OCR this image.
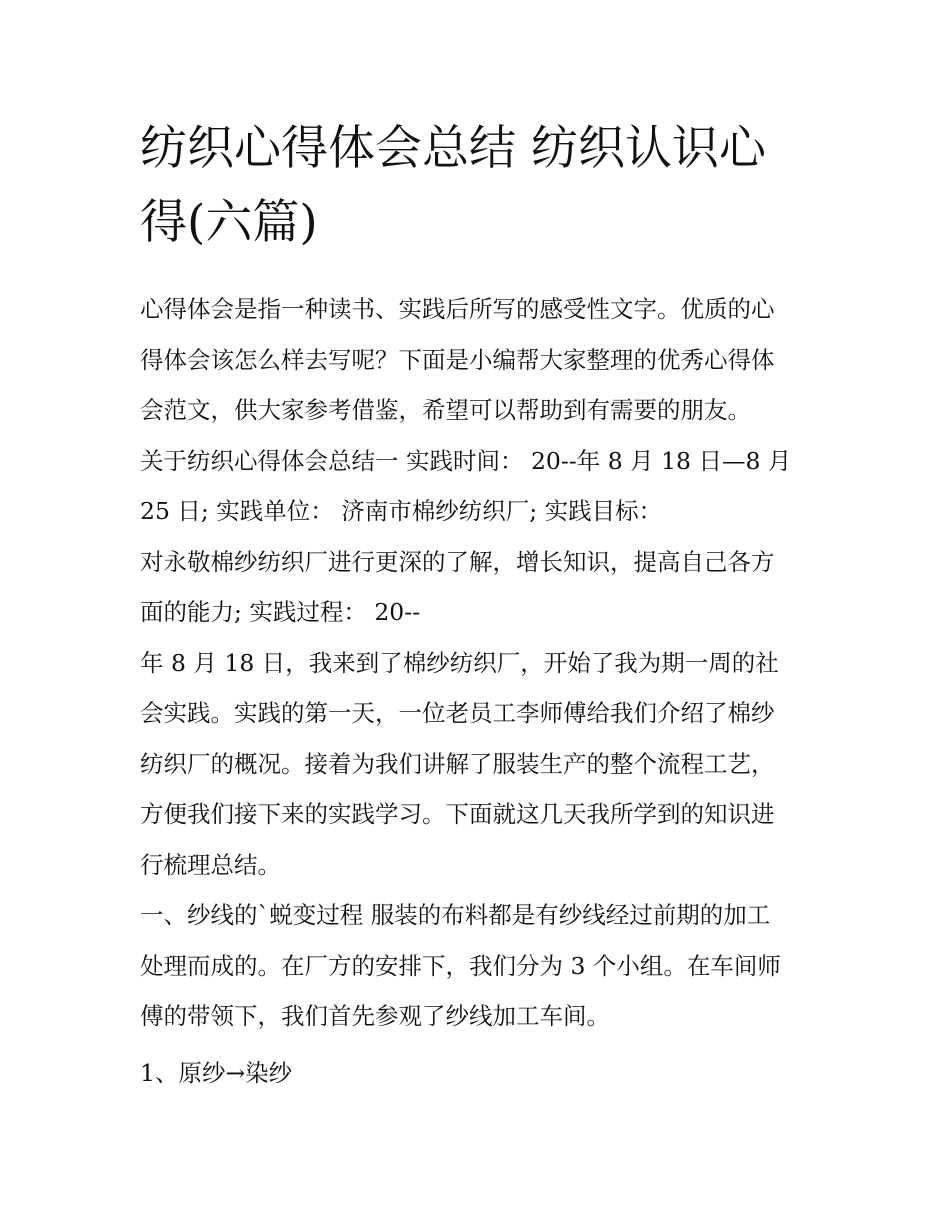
纺织心得体会总结 纺织认识心
得(六篇)
心得体会是指一种读书、实践后所写的感受性文字。优质的心
得体会该怎么样去写呢？下面是小编帮大家整理的优秀心得体
会范文，供大家参考借鉴，希望可以帮助到有需要的朋友。
关于纺织心得体会总结一 实践时间： 20--年 8 月 18 日—8 月
25 日; 实践单位： 济南市棉纱纺织厂; 实践目标：
对永敬棉纱纺织厂进行更深的了解，增长知识，提高自己各方
面的能力; 实践过程： 20--
年 8 月 18 日，我来到了棉纱纺织厂，开始了我为期一周的社
会实践。实践的第一天，一位老员工李师傅给我们介绍了棉纱
纺织厂的概况。接着为我们讲解了服装生产的整个流程工艺，
方便我们接下来的实践学习。下面就这几天我所学到的知识进
行梳理总结。
一、纱线的`蜕变过程 服装的布料都是有纱线经过前期的加工
处理而成的。在厂方的安排下，我们分为 3 个小组。在车间师
傅的带领下，我们首先参观了纱线加工车间。
1、原纱→染纱
